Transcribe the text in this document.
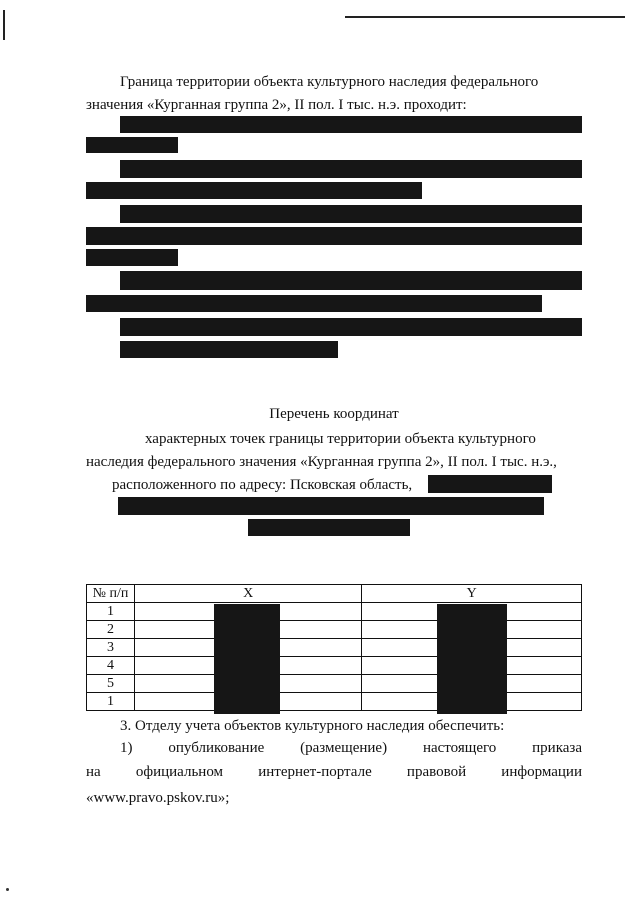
Граница территории объекта культурного наследия федерального
значения «Курганная группа 2», II пол. I тыс. н.э. проходит:
Перечень координат
характерных точек границы территории объекта культурного
наследия федерального значения «Курганная группа 2», II пол. I тыс. н.э.,
расположенного по адресу: Псковская область,
№ п/п	X	Y
1		
2		
3		
4		
5		
1		
3. Отделу учета объектов культурного наследия обеспечить:
1) опубликование (размещение) настоящего приказа
на официальном интернет-портале правовой информации
«www.pravo.pskov.ru»;
